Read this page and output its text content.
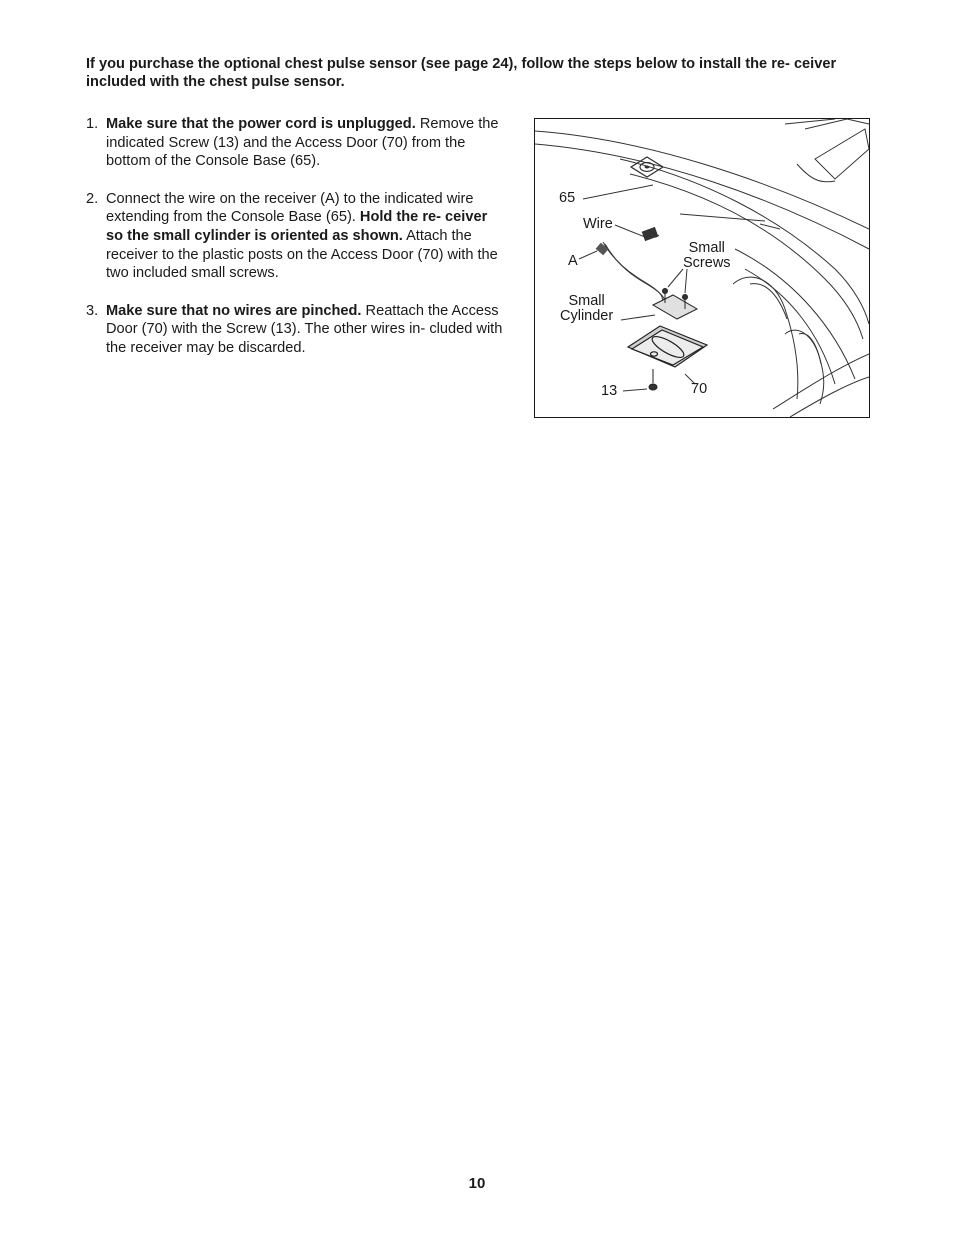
If you purchase the optional chest pulse sensor (see page 24), follow the steps below to install the re- ceiver included with the chest pulse sensor.

1. Make sure that the power cord is unplugged. Remove the indicated Screw (13) and the Access Door (70) from the bottom of the Console Base (65).
2. Connect the wire on the receiver (A) to the indicated wire extending from the Console Base (65). Hold the re- ceiver so the small cylinder is oriented as shown. Attach the receiver to the plastic posts on the Access Door (70) with the two included small screws.
3. Make sure that no wires are pinched. Reattach the Access Door (70) with the Screw (13). The other wires in- cluded with the receiver may be discarded.
65
Wire
A
Small
Screws
Small
Cylinder
13	70
10
